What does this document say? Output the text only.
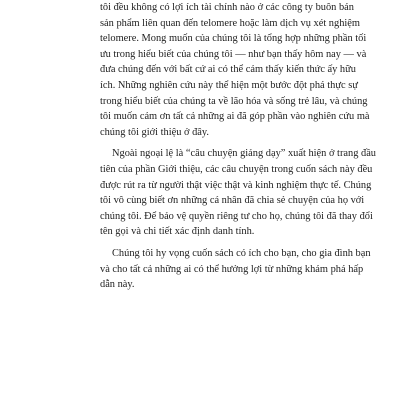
tôi đều không có lợi ích tài chính nào ở các công ty buôn bán
sản phẩm liên quan đến telomere hoặc làm dịch vụ xét nghiệm
telomere. Mong muốn của chúng tôi là tổng hợp những phần tối
ưu trong hiểu biết của chúng tôi — như bạn thấy hôm nay — và
đưa chúng đến với bất cứ ai có thể cảm thấy kiến thức ấy hữu
ích. Những nghiên cứu này thể hiện một bước đột phá thực sự
trong hiểu biết của chúng ta về lão hóa và sống trẻ lâu, và chúng
tôi muốn cảm ơn tất cả những ai đã góp phần vào nghiên cứu mà
chúng tôi giới thiệu ở đây.
Ngoài ngoại lệ là “câu chuyện giảng dạy” xuất hiện ở trang đầu
tiên của phần Giới thiệu, các câu chuyện trong cuốn sách này đều
được rút ra từ người thật việc thật và kinh nghiệm thực tế. Chúng
tôi vô cùng biết ơn những cá nhân đã chia sẻ chuyện của họ với
chúng tôi. Để bảo vệ quyền riêng tư cho họ, chúng tôi đã thay đổi
tên gọi và chi tiết xác định danh tính.
Chúng tôi hy vọng cuốn sách có ích cho bạn, cho gia đình bạn
và cho tất cả những ai có thể hưởng lợi từ những khám phá hấp
dẫn này.
